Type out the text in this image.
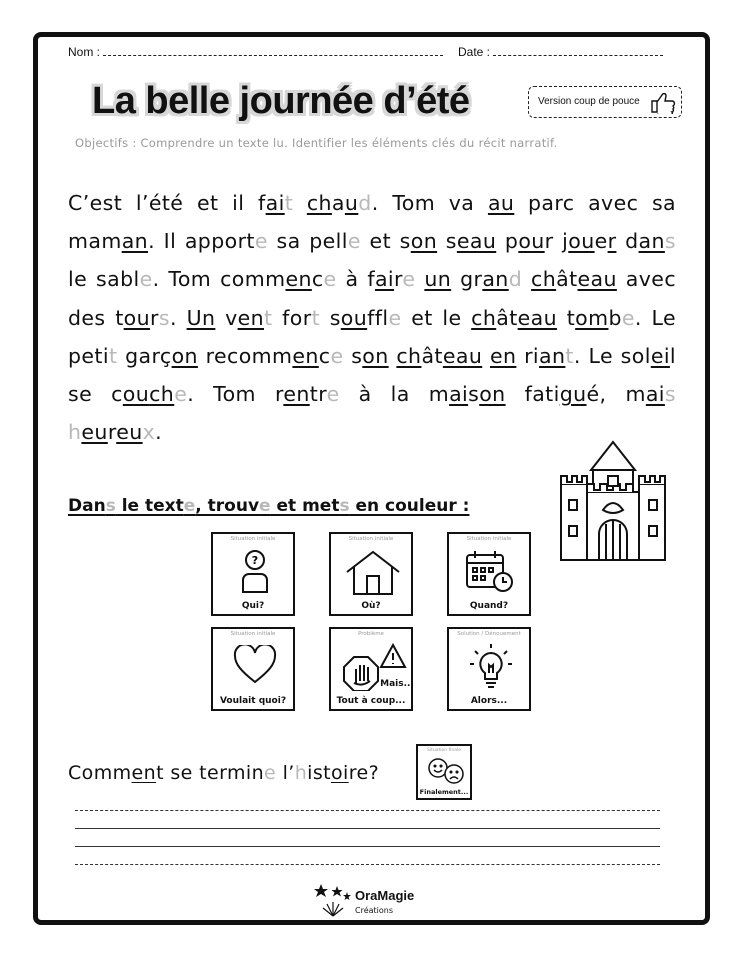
Nom :	Date :
La belle journée d’été	Version coup de pouce
Objectifs : Comprendre un texte lu. Identifier les éléments clés du récit narratif.
C’est l’été et il fait chaud. Tom va au parc avec sa maman. Il apporte sa pelle et son seau pour jouer dans le sable. Tom commence à faire un grand château avec des tours. Un vent fort souffle et le château tombe. Le petit garçon recommence son château en riant. Le soleil se couche. Tom rentre à la maison fatigué, mais heureux.
Dans le texte, trouve et mets en couleur :
Situation initiale
?
Qui?
Situation initiale
Où?
Situation initiale
Quand?
Situation initiale
Voulait quoi?
Problème
Mais...
Tout à coup...
Solution / Dénouement
Alors...
Comment se termine l’histoire?
Situation finale
Finalement...
OraMagie
Créations
